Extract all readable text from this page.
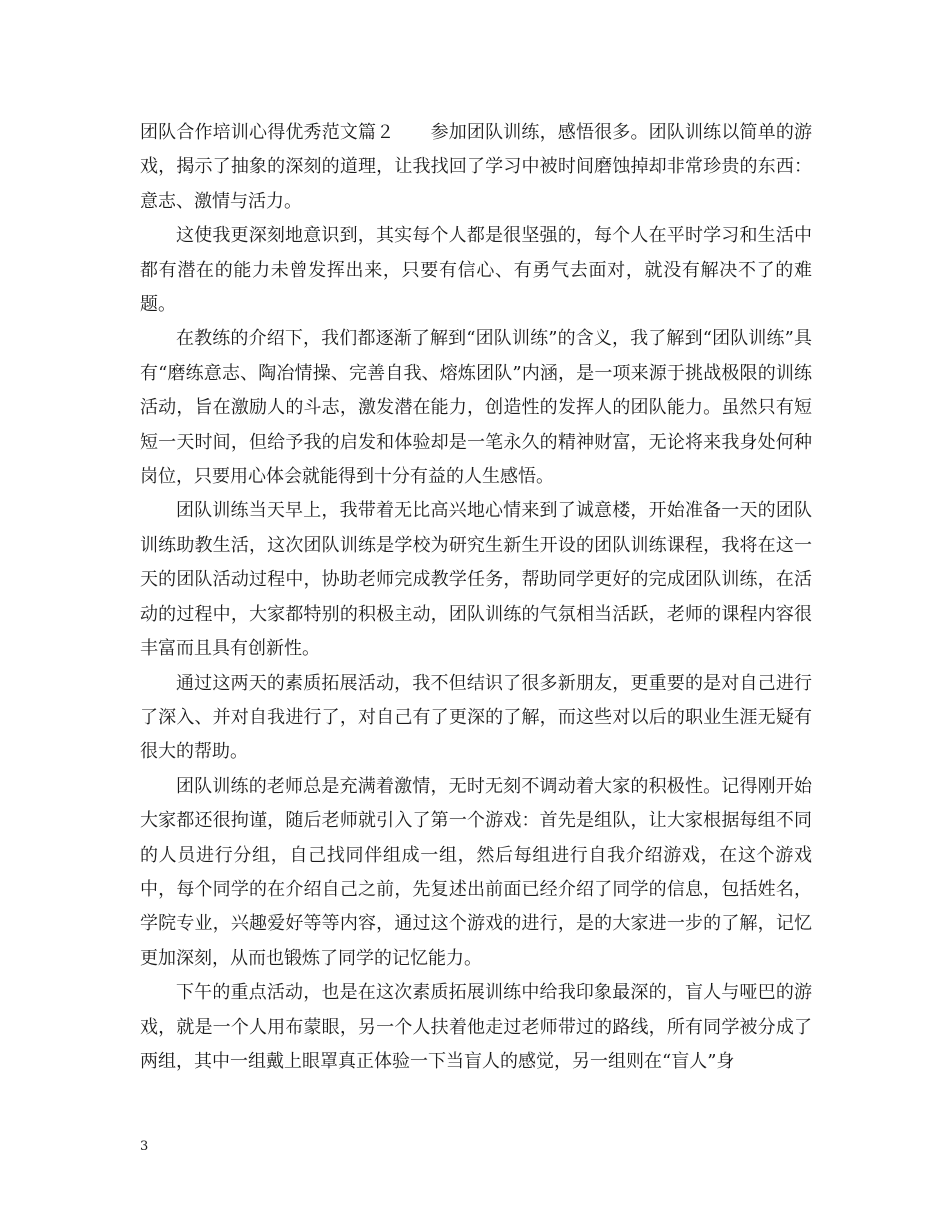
团队合作培训心得优秀范文篇２ 参加团队训练，感悟很多。团队训练以简单的游戏，揭示了抽象的深刻的道理，让我找回了学习中被时间磨蚀掉却非常珍贵的东西：意志、激情与活力。

这使我更深刻地意识到，其实每个人都是很坚强的，每个人在平时学习和生活中都有潜在的能力未曾发挥出来，只要有信心、有勇气去面对，就没有解决不了的难题。

在教练的介绍下，我们都逐渐了解到“团队训练”的含义，我了解到“团队训练”具有“磨练意志、陶冶情操、完善自我、熔炼团队”内涵，是一项来源于挑战极限的训练活动，旨在激励人的斗志，激发潜在能力，创造性的发挥人的团队能力。虽然只有短短一天时间，但给予我的启发和体验却是一笔永久的精神财富，无论将来我身处何种岗位，只要用心体会就能得到十分有益的人生感悟。

团队训练当天早上，我带着无比高兴地心情来到了诚意楼，开始准备一天的团队训练助教生活，这次团队训练是学校为研究生新生开设的团队训练课程，我将在这一天的团队活动过程中，协助老师完成教学任务，帮助同学更好的完成团队训练，在活动的过程中，大家都特别的积极主动，团队训练的气氛相当活跃，老师的课程内容很丰富而且具有创新性。

通过这两天的素质拓展活动，我不但结识了很多新朋友，更重要的是对自己进行了深入、并对自我进行了，对自己有了更深的了解，而这些对以后的职业生涯无疑有很大的帮助。

团队训练的老师总是充满着激情，无时无刻不调动着大家的积极性。记得刚开始大家都还很拘谨，随后老师就引入了第一个游戏：首先是组队，让大家根据每组不同的人员进行分组，自己找同伴组成一组，然后每组进行自我介绍游戏，在这个游戏中，每个同学的在介绍自己之前，先复述出前面已经介绍了同学的信息，包括姓名，学院专业，兴趣爱好等等内容，通过这个游戏的进行，是的大家进一步的了解，记忆更加深刻，从而也锻炼了同学的记忆能力。

下午的重点活动，也是在这次素质拓展训练中给我印象最深的，盲人与哑巴的游戏，就是一个人用布蒙眼，另一个人扶着他走过老师带过的路线，所有同学被分成了两组，其中一组戴上眼罩真正体验一下当盲人的感觉，另一组则在“盲人”身

3
